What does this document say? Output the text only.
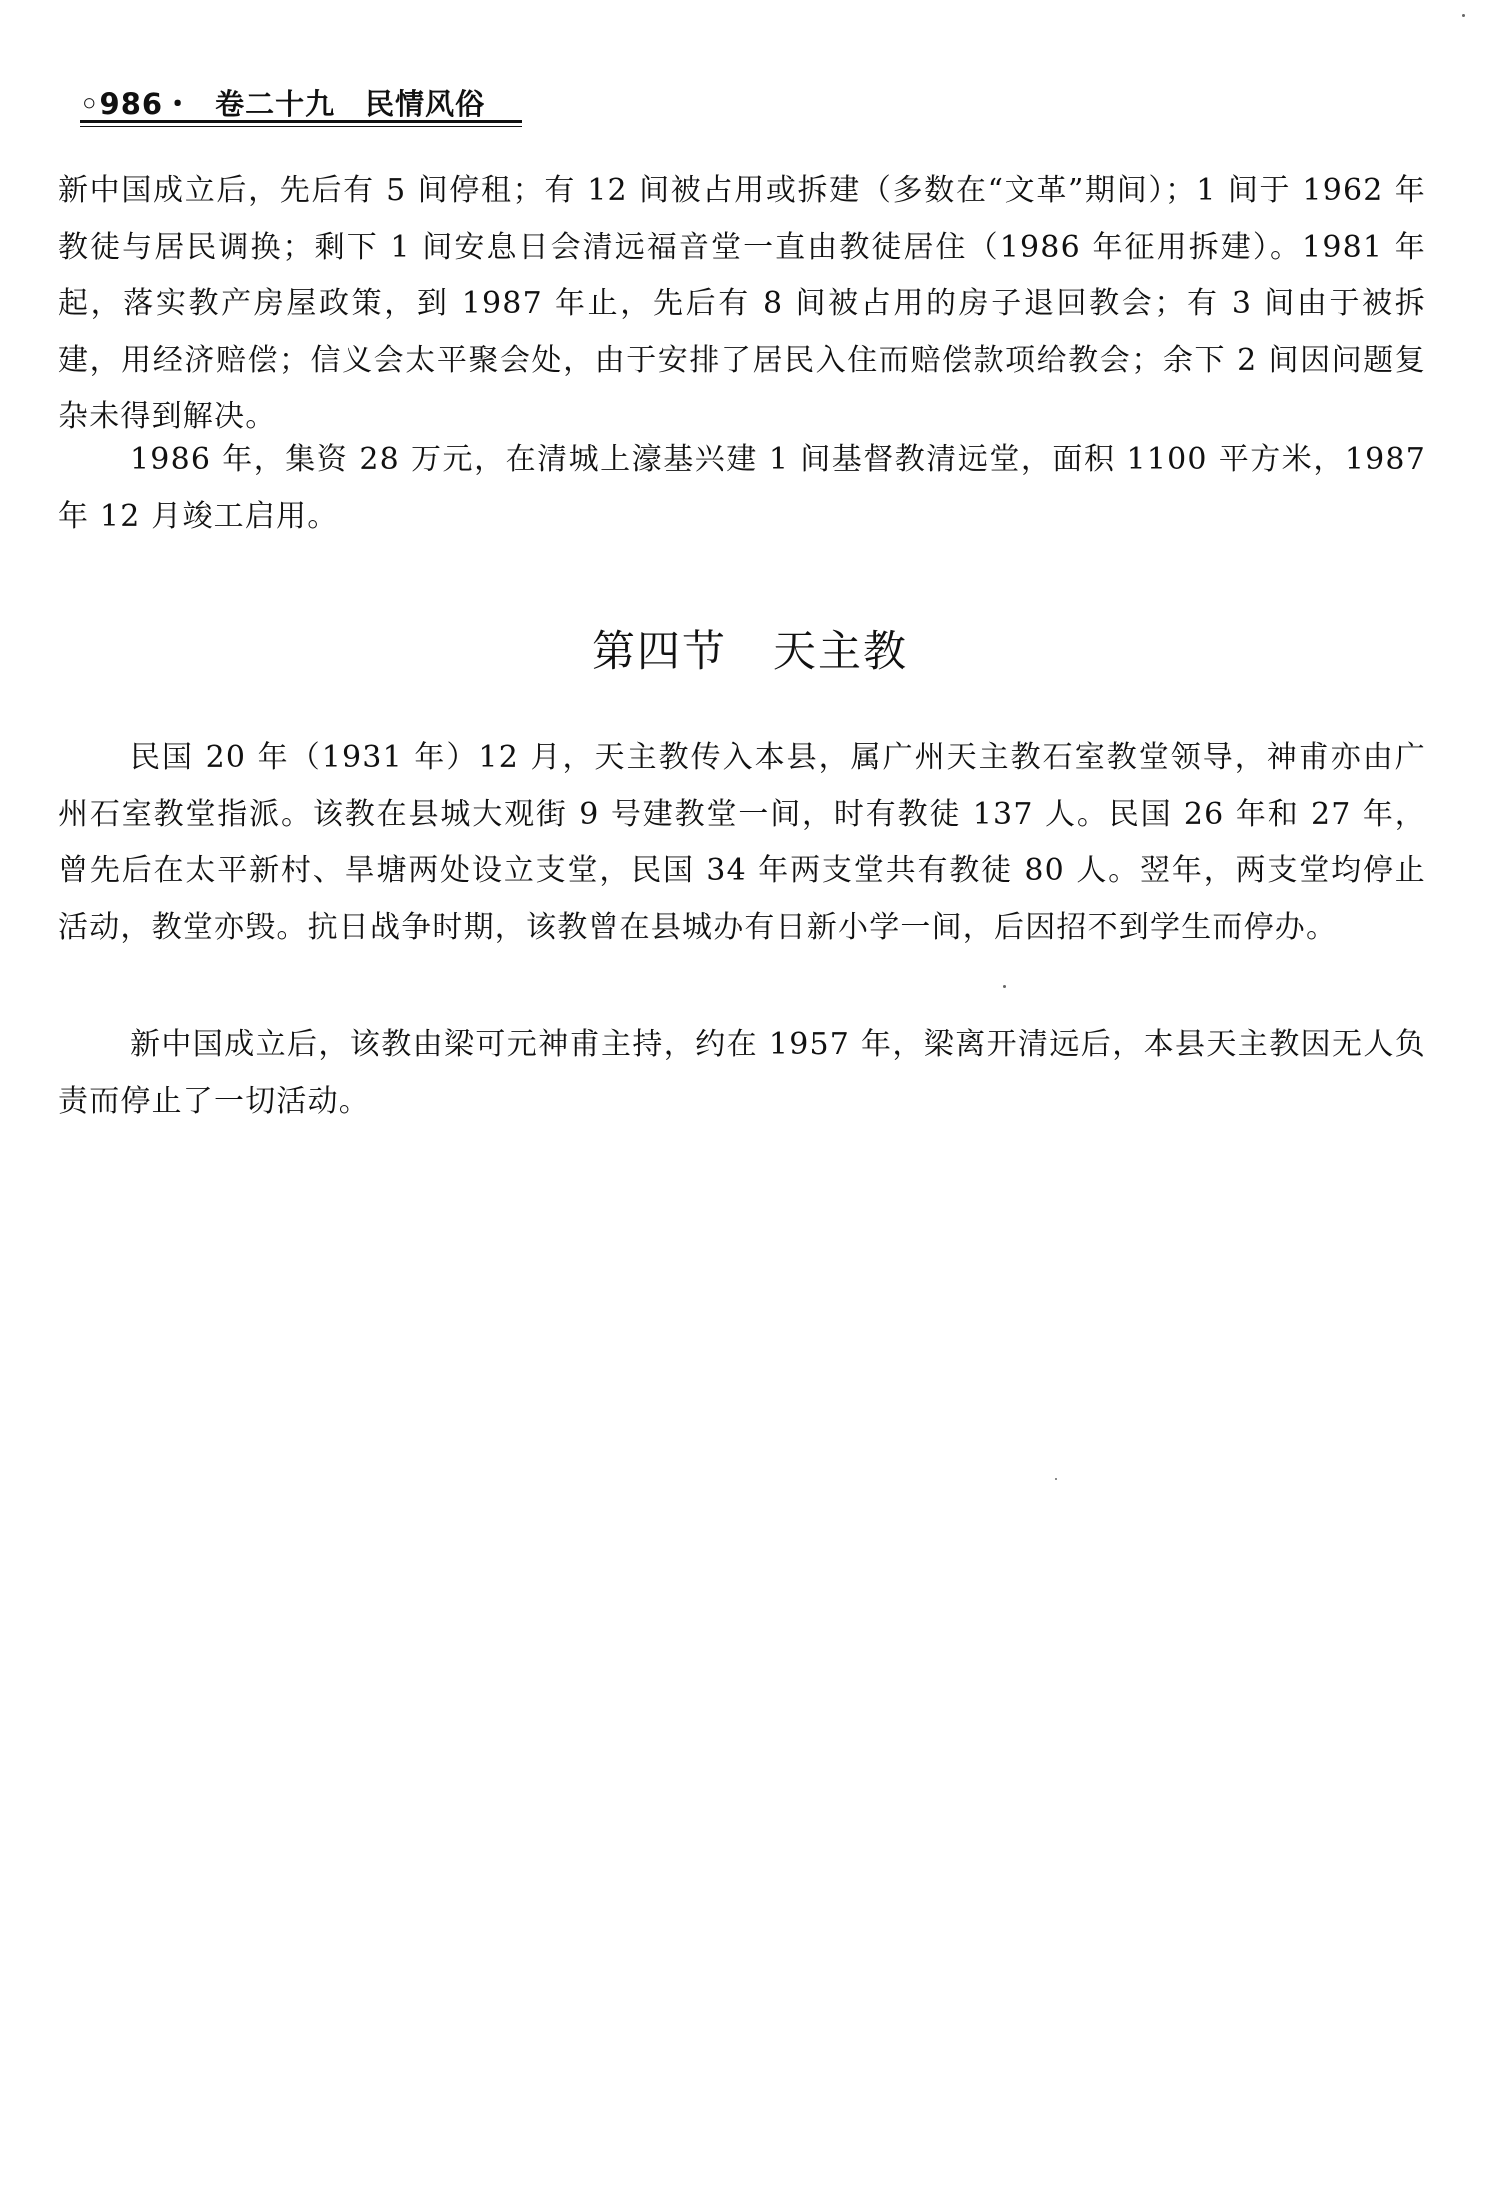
◦986・ 卷二十九　民情风俗

新中国成立后，先后有 5 间停租；有 12 间被占用或拆建（多数在“文革”期间）；1 间于 1962 年教徒与居民调换；剩下 1 间安息日会清远福音堂一直由教徒居住（1986 年征用拆建）。1981 年起，落实教产房屋政策，到 1987 年止，先后有 8 间被占用的房子退回教会；有 3 间由于被拆建，用经济赔偿；信义会太平聚会处，由于安排了居民入住而赔偿款项给教会；余下 2 间因问题复杂未得到解决。

1986 年，集资 28 万元，在清城上濠基兴建 1 间基督教清远堂，面积 1100 平方米，1987 年 12 月竣工启用。

第四节 天主教

民国 20 年（1931 年）12 月，天主教传入本县，属广州天主教石室教堂领导，神甫亦由广州石室教堂指派。该教在县城大观街 9 号建教堂一间，时有教徒 137 人。民国 26 年和 27 年，曾先后在太平新村、旱塘两处设立支堂，民国 34 年两支堂共有教徒 80 人。翌年，两支堂均停止活动，教堂亦毁。抗日战争时期，该教曾在县城办有日新小学一间，后因招不到学生而停办。

新中国成立后，该教由梁可元神甫主持，约在 1957 年，梁离开清远后，本县天主教因无人负责而停止了一切活动。
